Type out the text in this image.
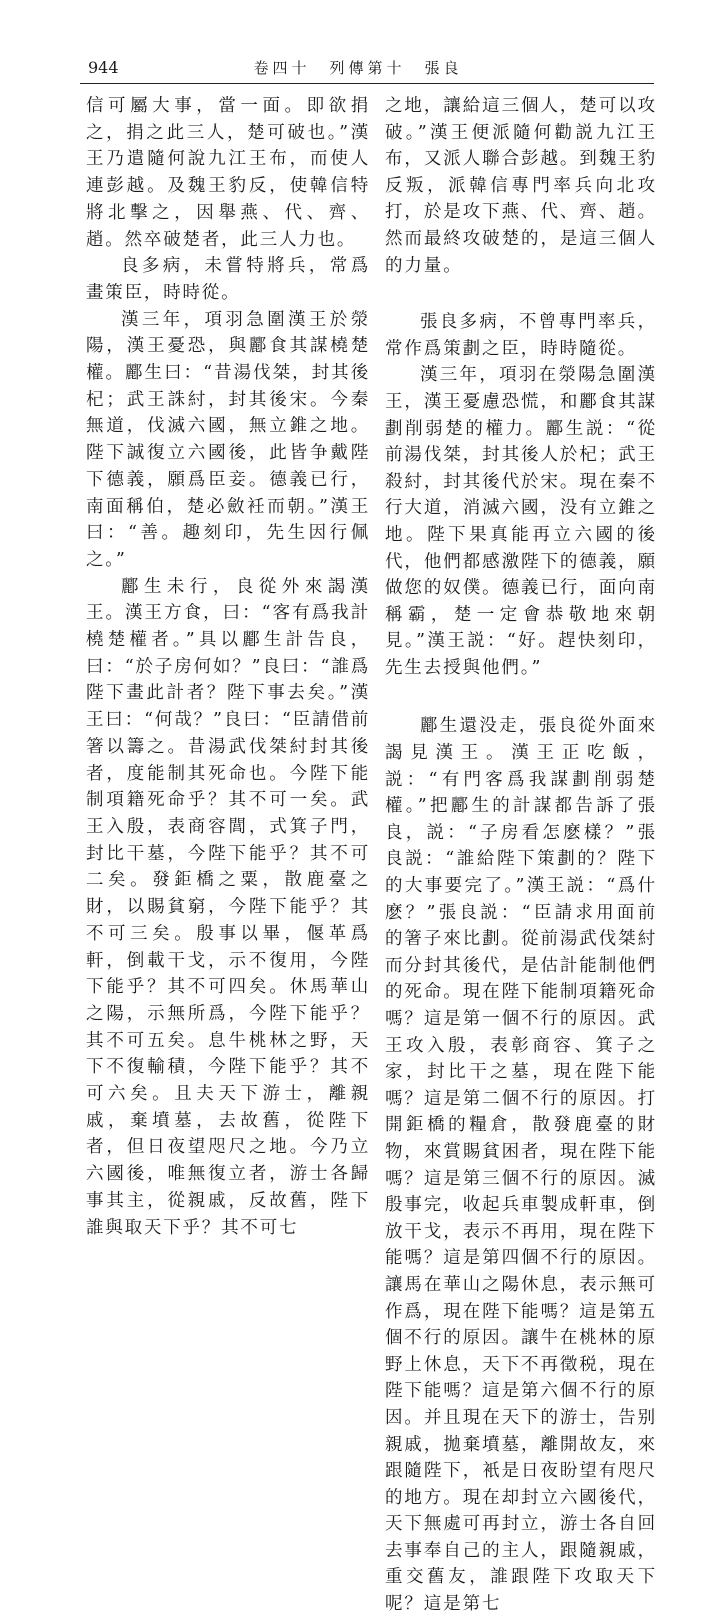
944	卷四十　列傳第十　張良

信可屬大事，當一面。即欲捐之，捐之此三人，楚可破也。”漢王乃遣隨何說九江王布，而使人連彭越。及魏王豹反，使韓信特將北擊之，因舉燕、代、齊、趙。然卒破楚者，此三人力也。

良多病，未嘗特將兵，常爲畫策臣，時時從。

漢三年，項羽急圍漢王於滎陽，漢王憂恐，與酈食其謀橈楚權。酈生曰：“昔湯伐桀，封其後杞；武王誅紂，封其後宋。今秦無道，伐滅六國，無立錐之地。陛下誠復立六國後，此皆争戴陛下德義，願爲臣妾。德義已行，南面稱伯，楚必斂衽而朝。”漢王曰：“善。趣刻印，先生因行佩之。”

酈生未行，良從外來謁漢王。漢王方食，曰：“客有爲我計橈楚權者。”具以酈生計告良，曰：“於子房何如？”良曰：“誰爲陛下畫此計者？陛下事去矣。”漢王曰：“何哉？”良曰：“臣請借前箸以籌之。昔湯武伐桀紂封其後者，度能制其死命也。今陛下能制項籍死命乎？其不可一矣。武王入殷，表商容閭，式箕子門，封比干墓，今陛下能乎？其不可二矣。發鉅橋之粟，散鹿臺之財，以賜貧窮，今陛下能乎？其不可三矣。殷事以畢，偃革爲軒，倒載干戈，示不復用，今陛下能乎？其不可四矣。休馬華山之陽，示無所爲，今陛下能乎？其不可五矣。息牛桃林之野，天下不復輸積，今陛下能乎？其不可六矣。且夫天下游士，離親戚，棄墳墓，去故舊，從陛下者，但日夜望咫尺之地。今乃立六國後，唯無復立者，游士各歸事其主，從親戚，反故舊，陛下誰與取天下乎？其不可七

之地，讓給這三個人，楚可以攻破。”漢王便派隨何勸説九江王布，又派人聯合彭越。到魏王豹反叛，派韓信專門率兵向北攻打，於是攻下燕、代、齊、趙。然而最終攻破楚的，是這三個人的力量。

張良多病，不曾專門率兵，常作爲策劃之臣，時時隨從。

漢三年，項羽在滎陽急圍漢王，漢王憂慮恐慌，和酈食其謀劃削弱楚的權力。酈生説：“從前湯伐桀，封其後人於杞；武王殺紂，封其後代於宋。現在秦不行大道，消滅六國，没有立錐之地。陛下果真能再立六國的後代，他們都感激陛下的德義，願做您的奴僕。德義已行，面向南稱霸，楚一定會恭敬地來朝見。”漢王説：“好。趕快刻印，先生去授與他們。”

酈生還没走，張良從外面來謁見漢王。漢王正吃飯，説：“有門客爲我謀劃削弱楚權。”把酈生的計謀都告訴了張良，説：“子房看怎麽樣？”張良説：“誰給陛下策劃的？陛下的大事要完了。”漢王説：“爲什麽？”張良説：“臣請求用面前的箸子來比劃。從前湯武伐桀紂而分封其後代，是估計能制他們的死命。現在陛下能制項籍死命嗎？這是第一個不行的原因。武王攻入殷，表彰商容、箕子之家，封比干之墓，現在陛下能嗎？這是第二個不行的原因。打開鉅橋的糧倉，散發鹿臺的財物，來賞賜貧困者，現在陛下能嗎？這是第三個不行的原因。滅殷事完，收起兵車製成軒車，倒放干戈，表示不再用，現在陛下能嗎？這是第四個不行的原因。讓馬在華山之陽休息，表示無可作爲，現在陛下能嗎？這是第五個不行的原因。讓牛在桃林的原野上休息，天下不再徵税，現在陛下能嗎？這是第六個不行的原因。并且現在天下的游士，告别親戚，拋棄墳墓，離開故友，來跟隨陛下，衹是日夜盼望有咫尺的地方。現在却封立六國後代，天下無處可再封立，游士各自回去事奉自己的主人，跟隨親戚，重交舊友，誰跟陛下攻取天下呢？這是第七
